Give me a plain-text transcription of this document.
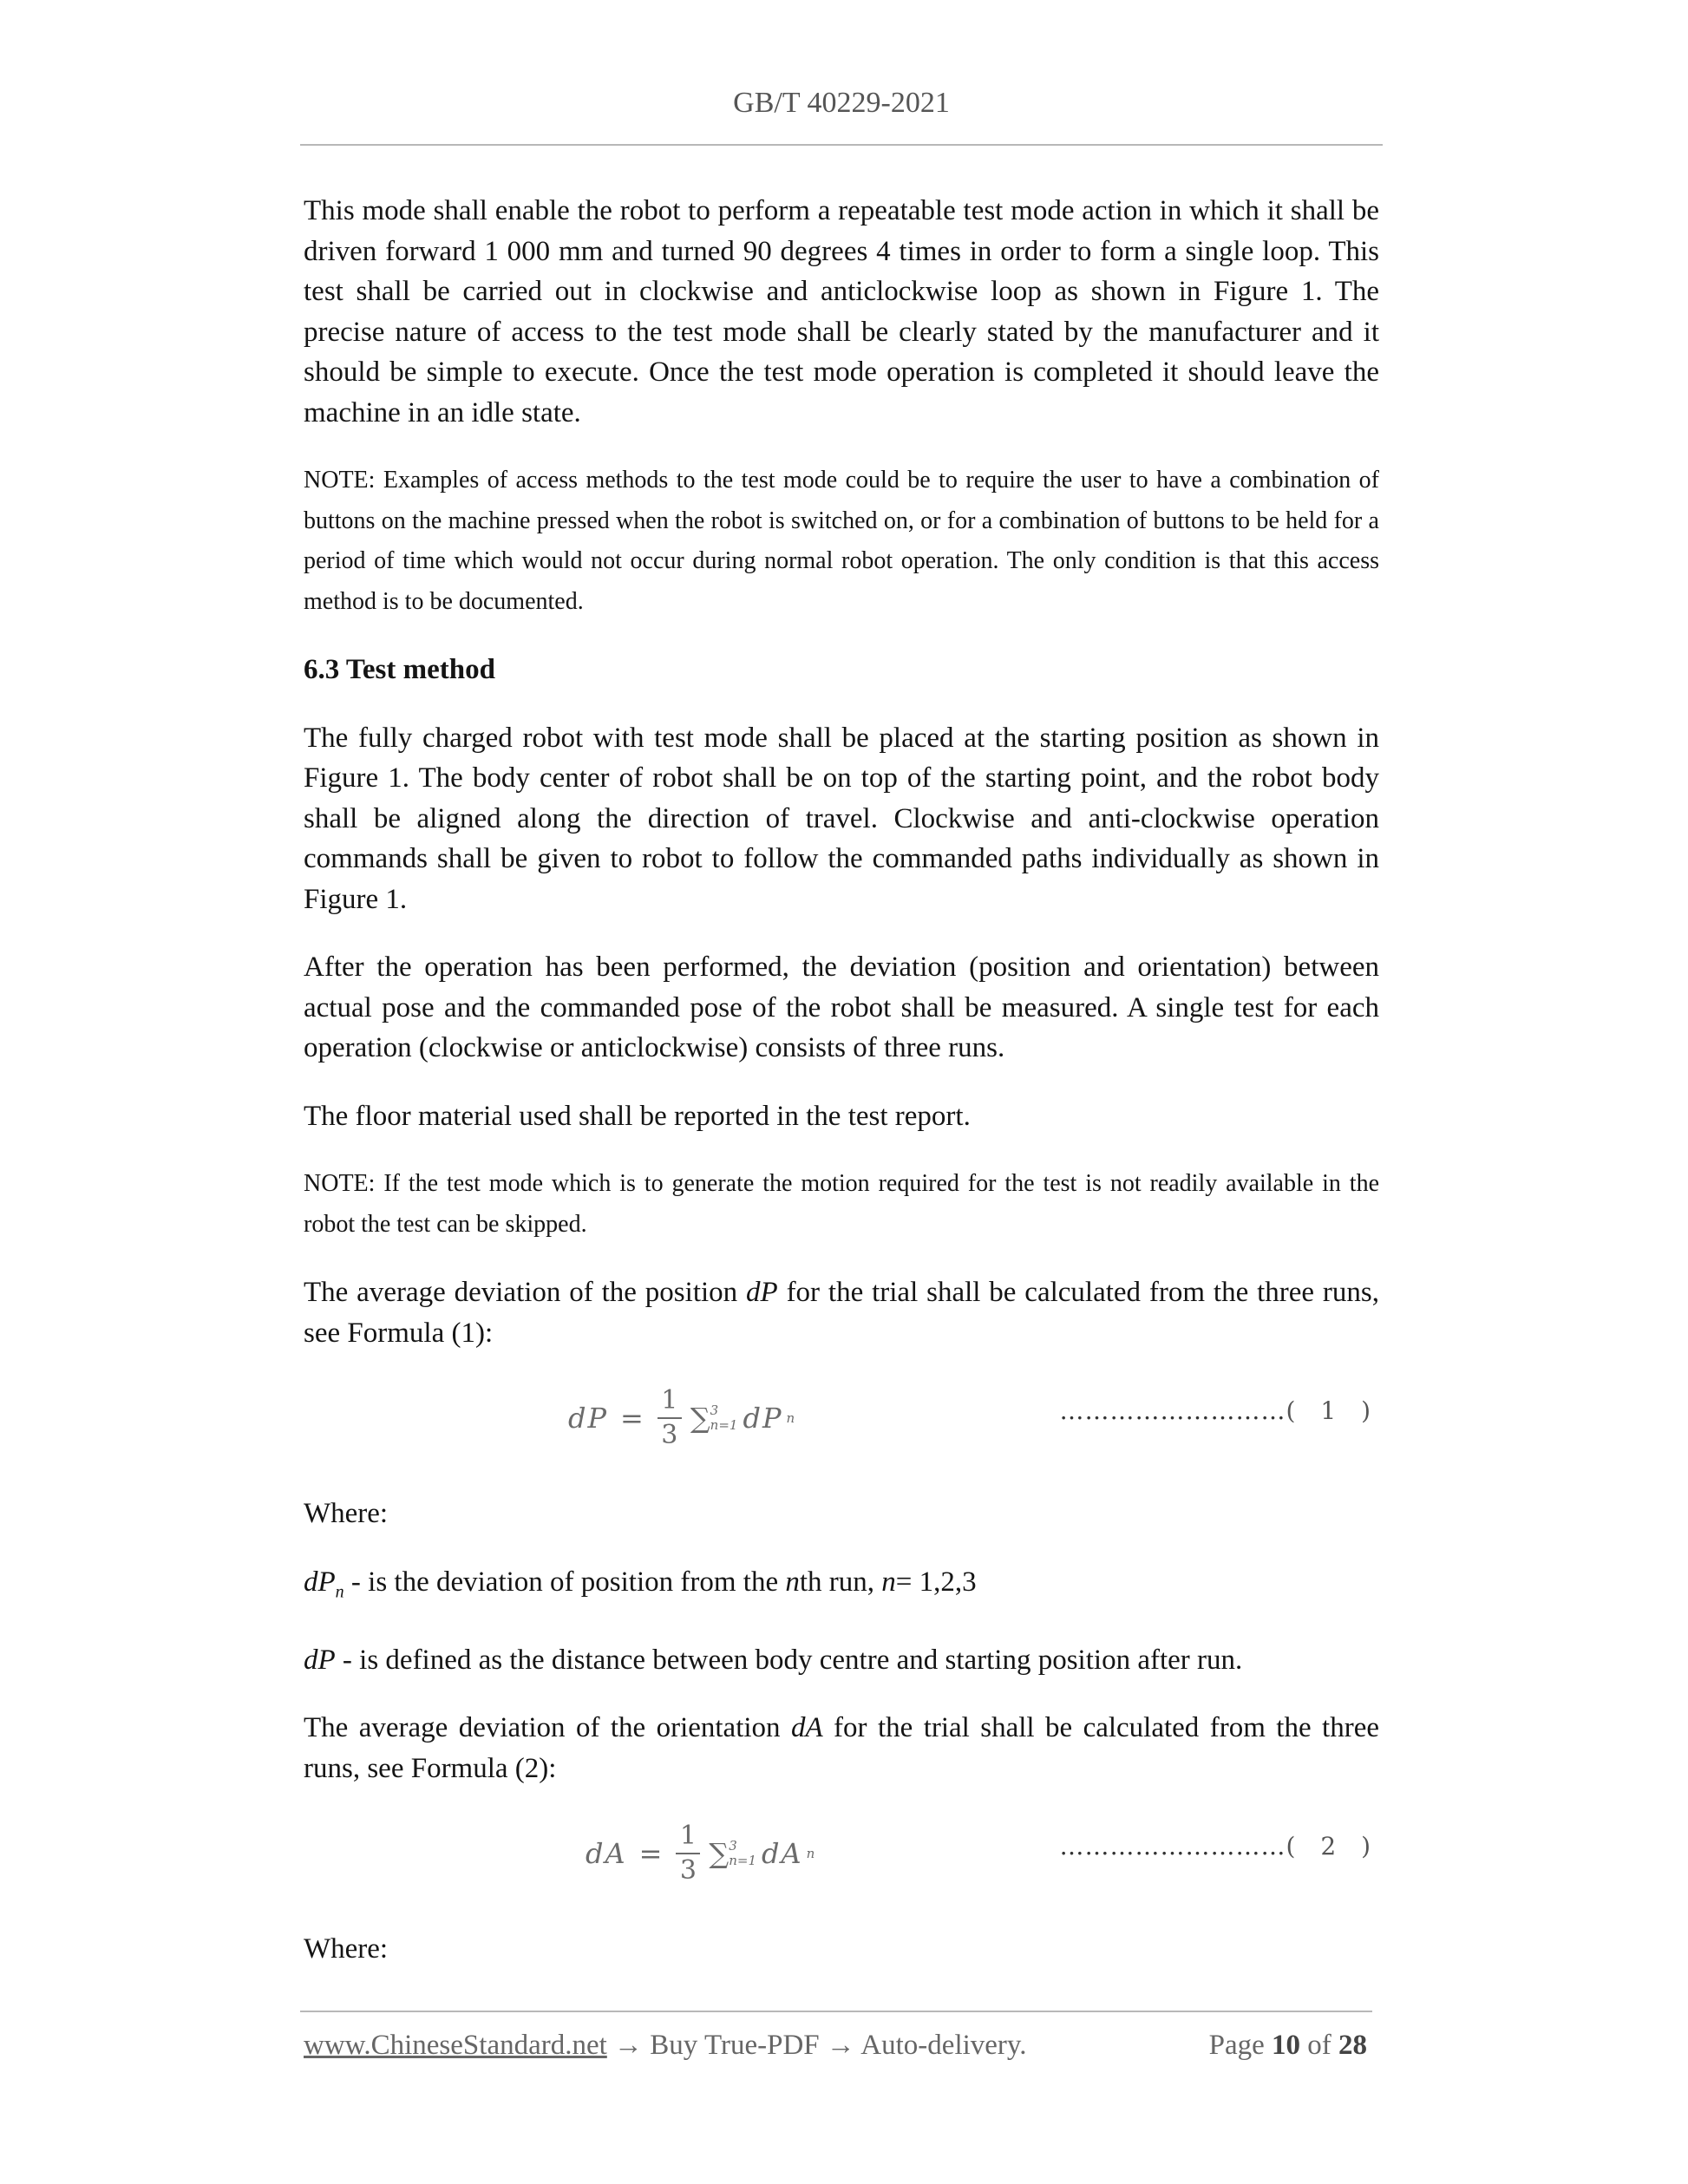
GB/T 40229-2021

This mode shall enable the robot to perform a repeatable test mode action in which it shall be driven forward 1 000 mm and turned 90 degrees 4 times in order to form a single loop. This test shall be carried out in clockwise and anticlockwise loop as shown in Figure 1. The precise nature of access to the test mode shall be clearly stated by the manufacturer and it should be simple to execute. Once the test mode operation is completed it should leave the machine in an idle state.

NOTE: Examples of access methods to the test mode could be to require the user to have a combination of buttons on the machine pressed when the robot is switched on, or for a combination of buttons to be held for a period of time which would not occur during normal robot operation. The only condition is that this access method is to be documented.

6.3 Test method

The fully charged robot with test mode shall be placed at the starting position as shown in Figure 1. The body center of robot shall be on top of the starting point, and the robot body shall be aligned along the direction of travel. Clockwise and anti-clockwise operation commands shall be given to robot to follow the commanded paths individually as shown in Figure 1.

After the operation has been performed, the deviation (position and orientation) between actual pose and the commanded pose of the robot shall be measured. A single test for each operation (clockwise or anticlockwise) consists of three runs.

The floor material used shall be reported in the test report.

NOTE: If the test mode which is to generate the motion required for the test is not readily available in the robot the test can be skipped.

The average deviation of the position dP for the trial shall be calculated from the three runs, see Formula (1):

dP = $\frac{1}{3}$ ∑ 3
n=1 dP n	………………………( 1 )

Where:

$dP_n$ - is the deviation of position from the nth run, n= 1,2,3

dP - is defined as the distance between body centre and starting position after run.

The average deviation of the orientation dA for the trial shall be calculated from the three runs, see Formula (2):

dA = $\frac{1}{3}$ ∑ 3
n=1 dA n	………………………( 2 )

Where:

www.ChineseStandard.net → Buy True-PDF → Auto-delivery.	Page 10 of 28
